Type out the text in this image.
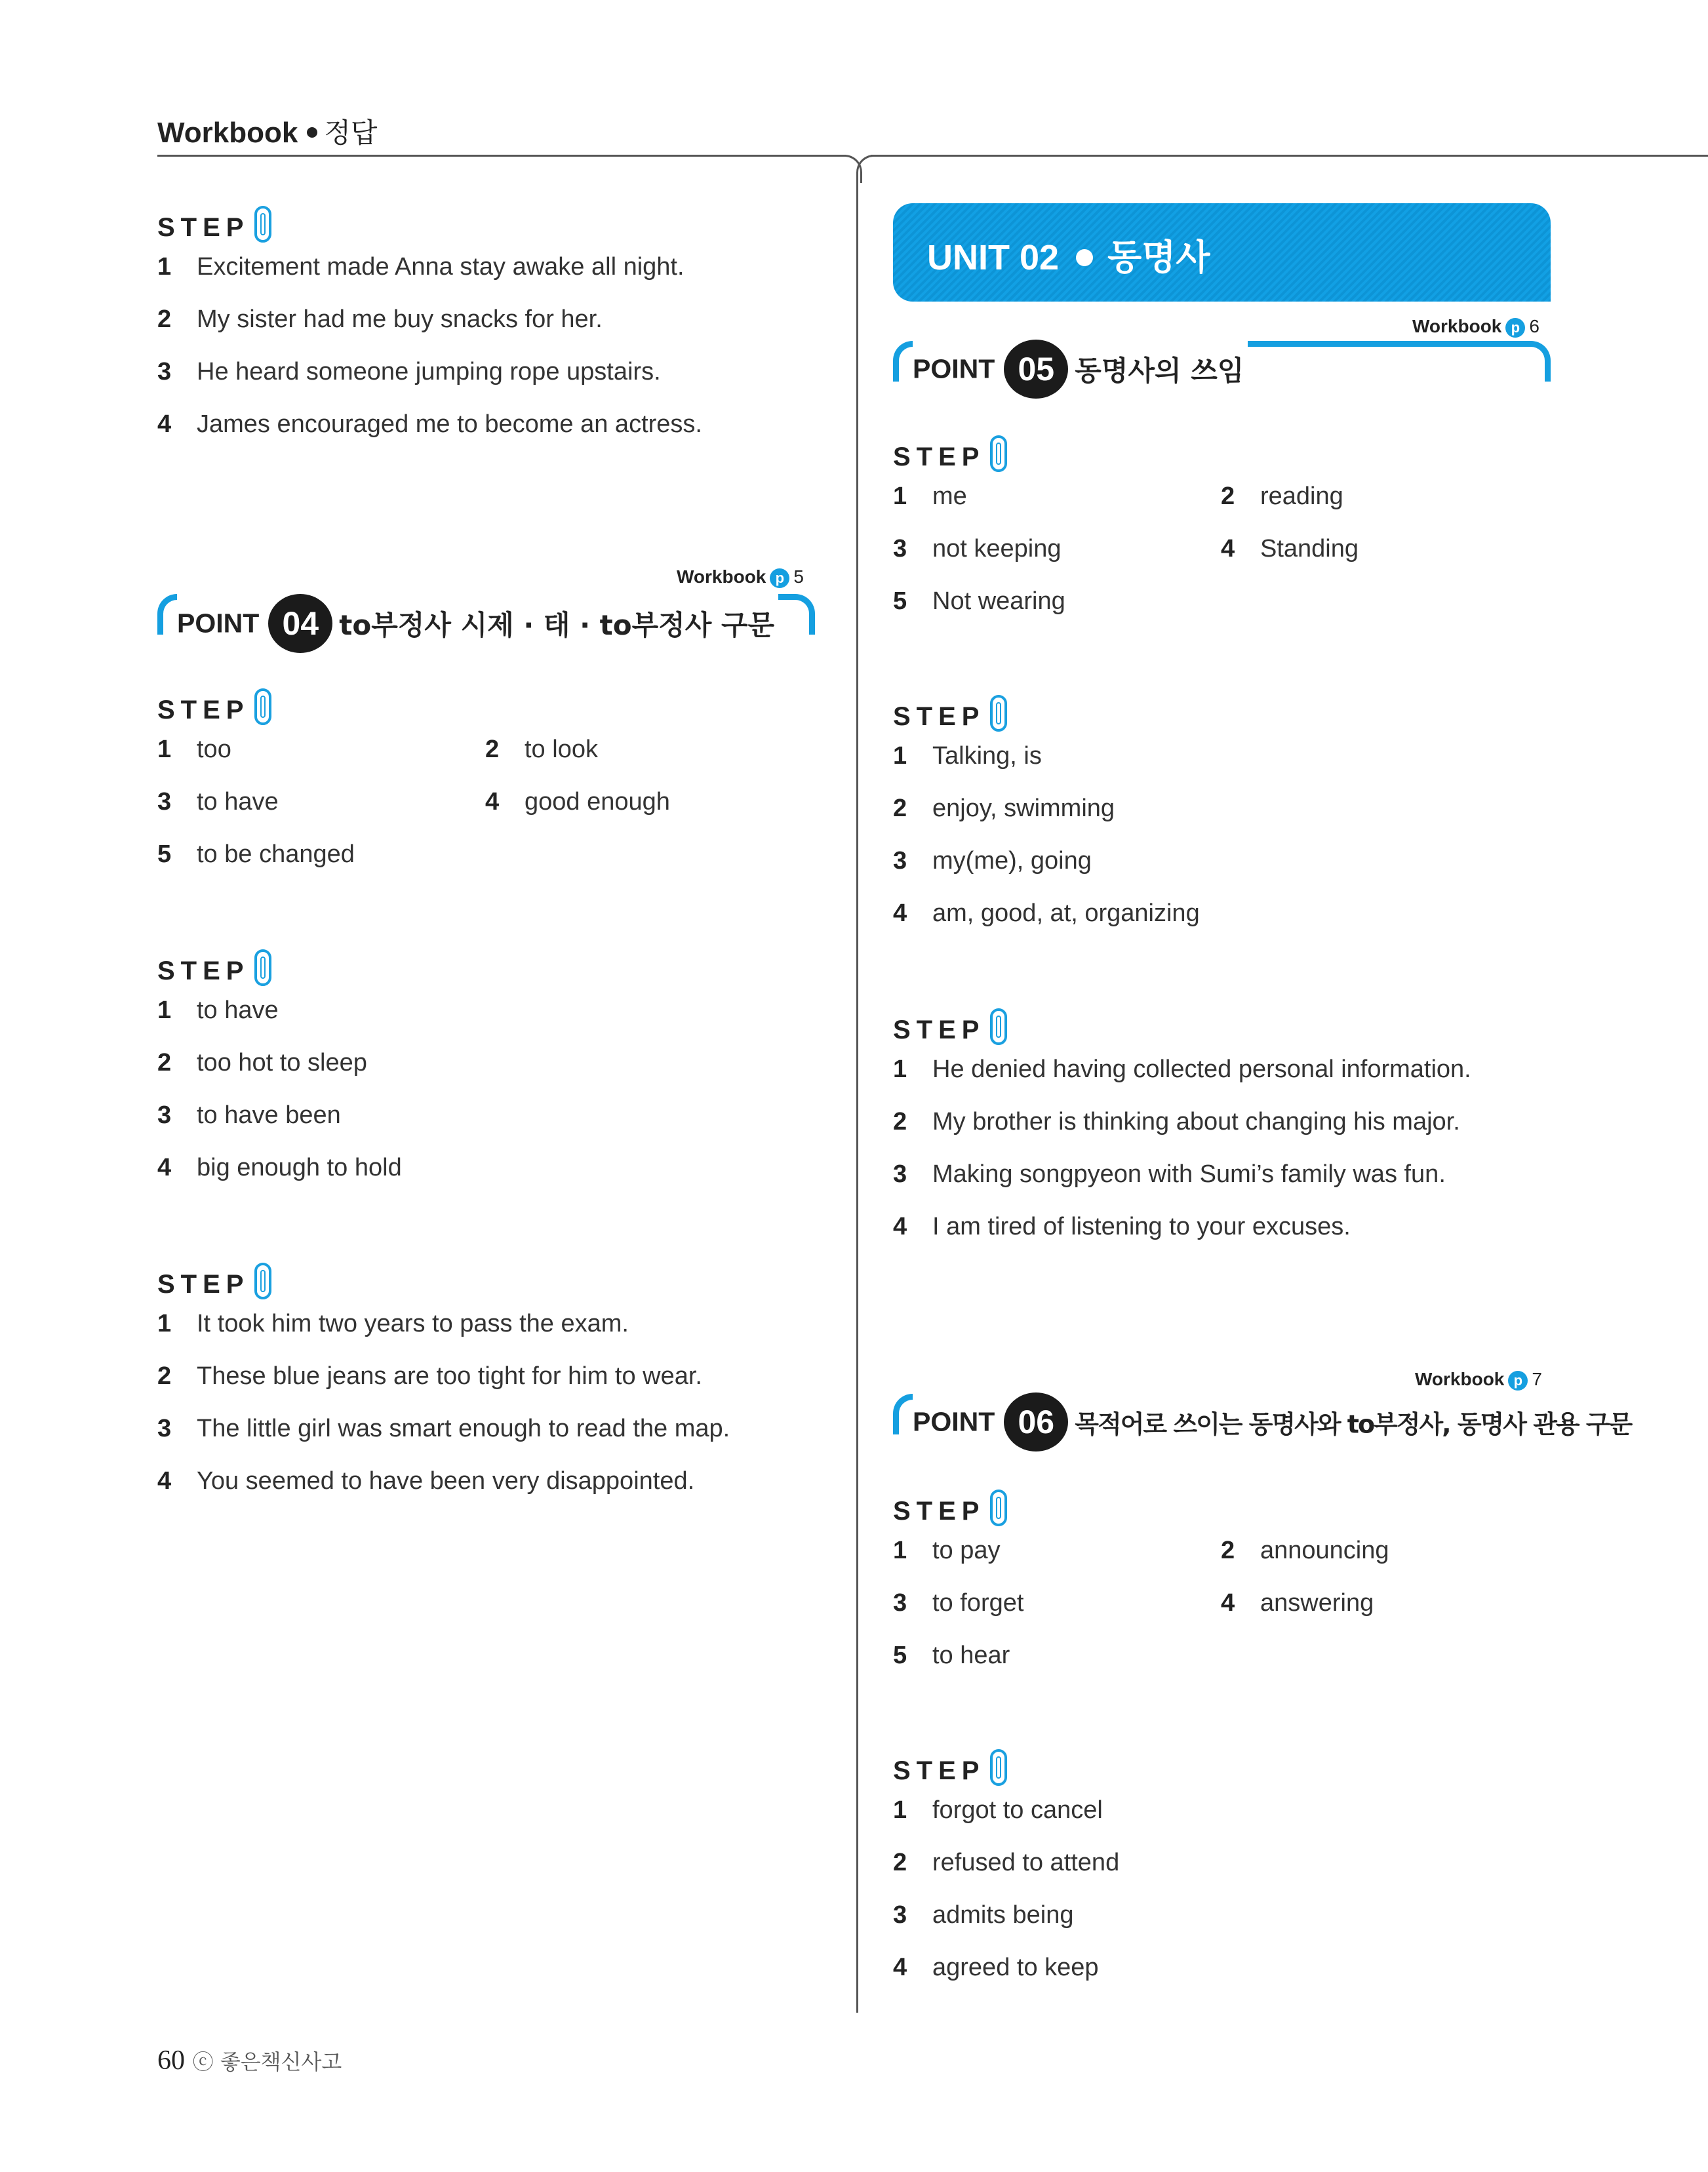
Workbook 정답
STEP
1 Excitement made Anna stay awake all night.
2 My sister had me buy snacks for her.
3 He heard someone jumping rope upstairs.
4 James encouraged me to become an actress.
Workbook p 5
POINT 04 to부정사 시제 · 태 · to부정사 구문
STEP
1 too	2 to look
3 to have	4 good enough
5 to be changed
STEP
1 to have
2 too hot to sleep
3 to have been
4 big enough to hold
STEP
1 It took him two years to pass the exam.
2 These blue jeans are too tight for him to wear.
3 The little girl was smart enough to read the map.
4 You seemed to have been very disappointed.
UNIT 02 동명사
Workbook p 6
POINT 05 동명사의 쓰임
STEP
1 me	2 reading
3 not keeping	4 Standing
5 Not wearing
STEP
1 Talking, is
2 enjoy, swimming
3 my(me), going
4 am, good, at, organizing
STEP
1 He denied having collected personal information.
2 My brother is thinking about changing his major.
3 Making songpyeon with Sumi’s family was fun.
4 I am tired of listening to your excuses.
Workbook p 7
POINT 06 목적어로 쓰이는 동명사와 to부정사, 동명사 관용 구문
STEP
1 to pay	2 announcing
3 to forget	4 answering
5 to hear
STEP
1 forgot to cancel
2 refused to attend
3 admits being
4 agreed to keep
60 ⓒ 좋은책신사고
